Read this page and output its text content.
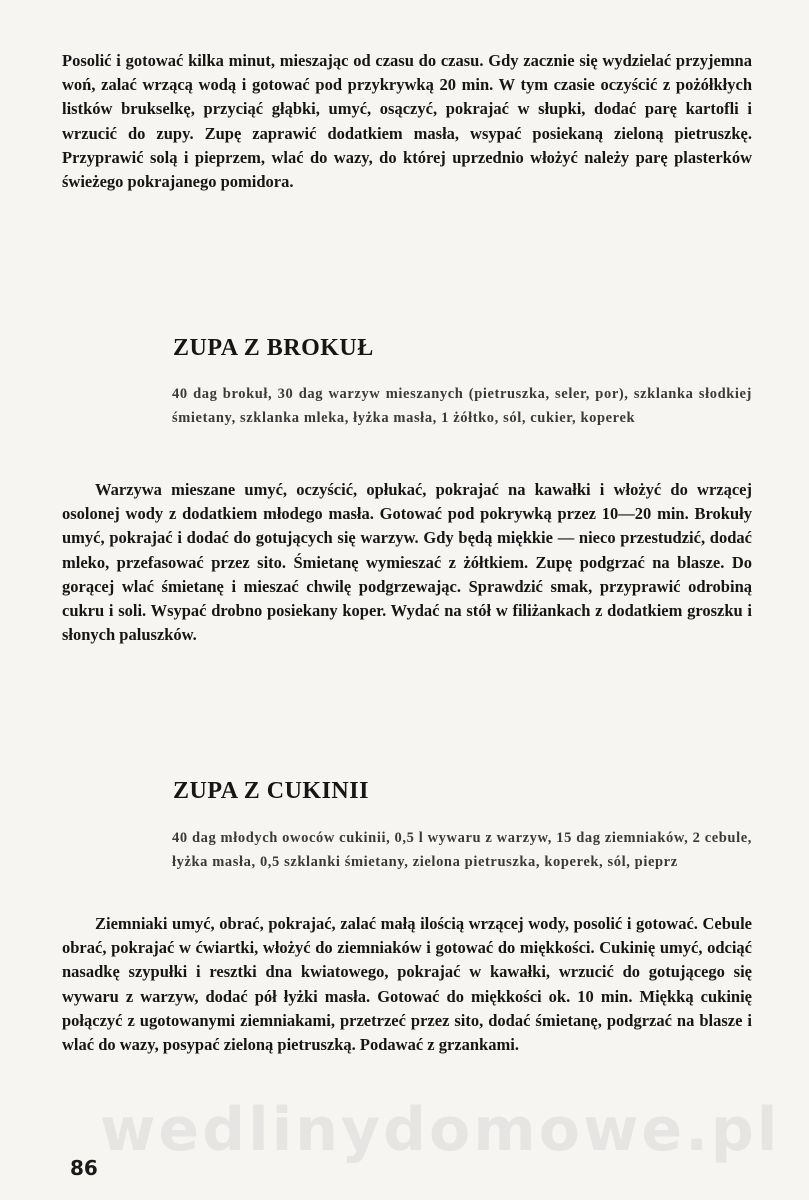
Posolić i gotować kilka minut, mieszając od czasu do czasu. Gdy zacznie się wydzielać przyjemna woń, zalać wrzącą wodą i gotować pod przykrywką 20 min. W tym czasie oczyścić z pożółkłych listków brukselkę, przyciąć głąbki, umyć, osączyć, pokrajać w słupki, dodać parę kartofli i wrzucić do zupy. Zupę zaprawić dodatkiem masła, wsypać posiekaną zieloną pietruszkę. Przyprawić solą i pieprzem, wlać do wazy, do której uprzednio włożyć należy parę plasterków świeżego pokrajanego pomidora.

ZUPA Z BROKUŁ

40 dag brokuł, 30 dag warzyw mieszanych (pietruszka, seler, por), szklanka słodkiej śmietany, szklanka mleka, łyżka masła, 1 żółtko, sól, cukier, koperek

Warzywa mieszane umyć, oczyścić, opłukać, pokrajać na kawałki i włożyć do wrzącej osolonej wody z dodatkiem młodego masła. Gotować pod pokrywką przez 10—20 min. Brokuły umyć, pokrajać i dodać do gotujących się warzyw. Gdy będą miękkie — nieco przestudzić, dodać mleko, przefasować przez sito. Śmietanę wymieszać z żółtkiem. Zupę podgrzać na blasze. Do gorącej wlać śmietanę i mieszać chwilę podgrzewając. Sprawdzić smak, przyprawić odrobiną cukru i soli. Wsypać drobno posiekany koper. Wydać na stół w filiżankach z dodatkiem groszku i słonych paluszków.

ZUPA Z CUKINII

40 dag młodych owoców cukinii, 0,5 l wywaru z warzyw, 15 dag ziemniaków, 2 cebule, łyżka masła, 0,5 szklanki śmietany, zielona pietruszka, koperek, sól, pieprz

Ziemniaki umyć, obrać, pokrajać, zalać małą ilością wrzącej wody, posolić i gotować. Cebule obrać, pokrajać w ćwiartki, włożyć do ziemniaków i gotować do miękkości. Cukinię umyć, odciąć nasadkę szypułki i resztki dna kwiatowego, pokrajać w kawałki, wrzucić do gotującego się wywaru z warzyw, dodać pół łyżki masła. Gotować do miękkości ok. 10 min. Miękką cukinię połączyć z ugotowanymi ziemniakami, przetrzeć przez sito, dodać śmietanę, podgrzać na blasze i wlać do wazy, posypać zieloną pietruszką. Podawać z grzankami.

wedlinydomowe.pl
86
